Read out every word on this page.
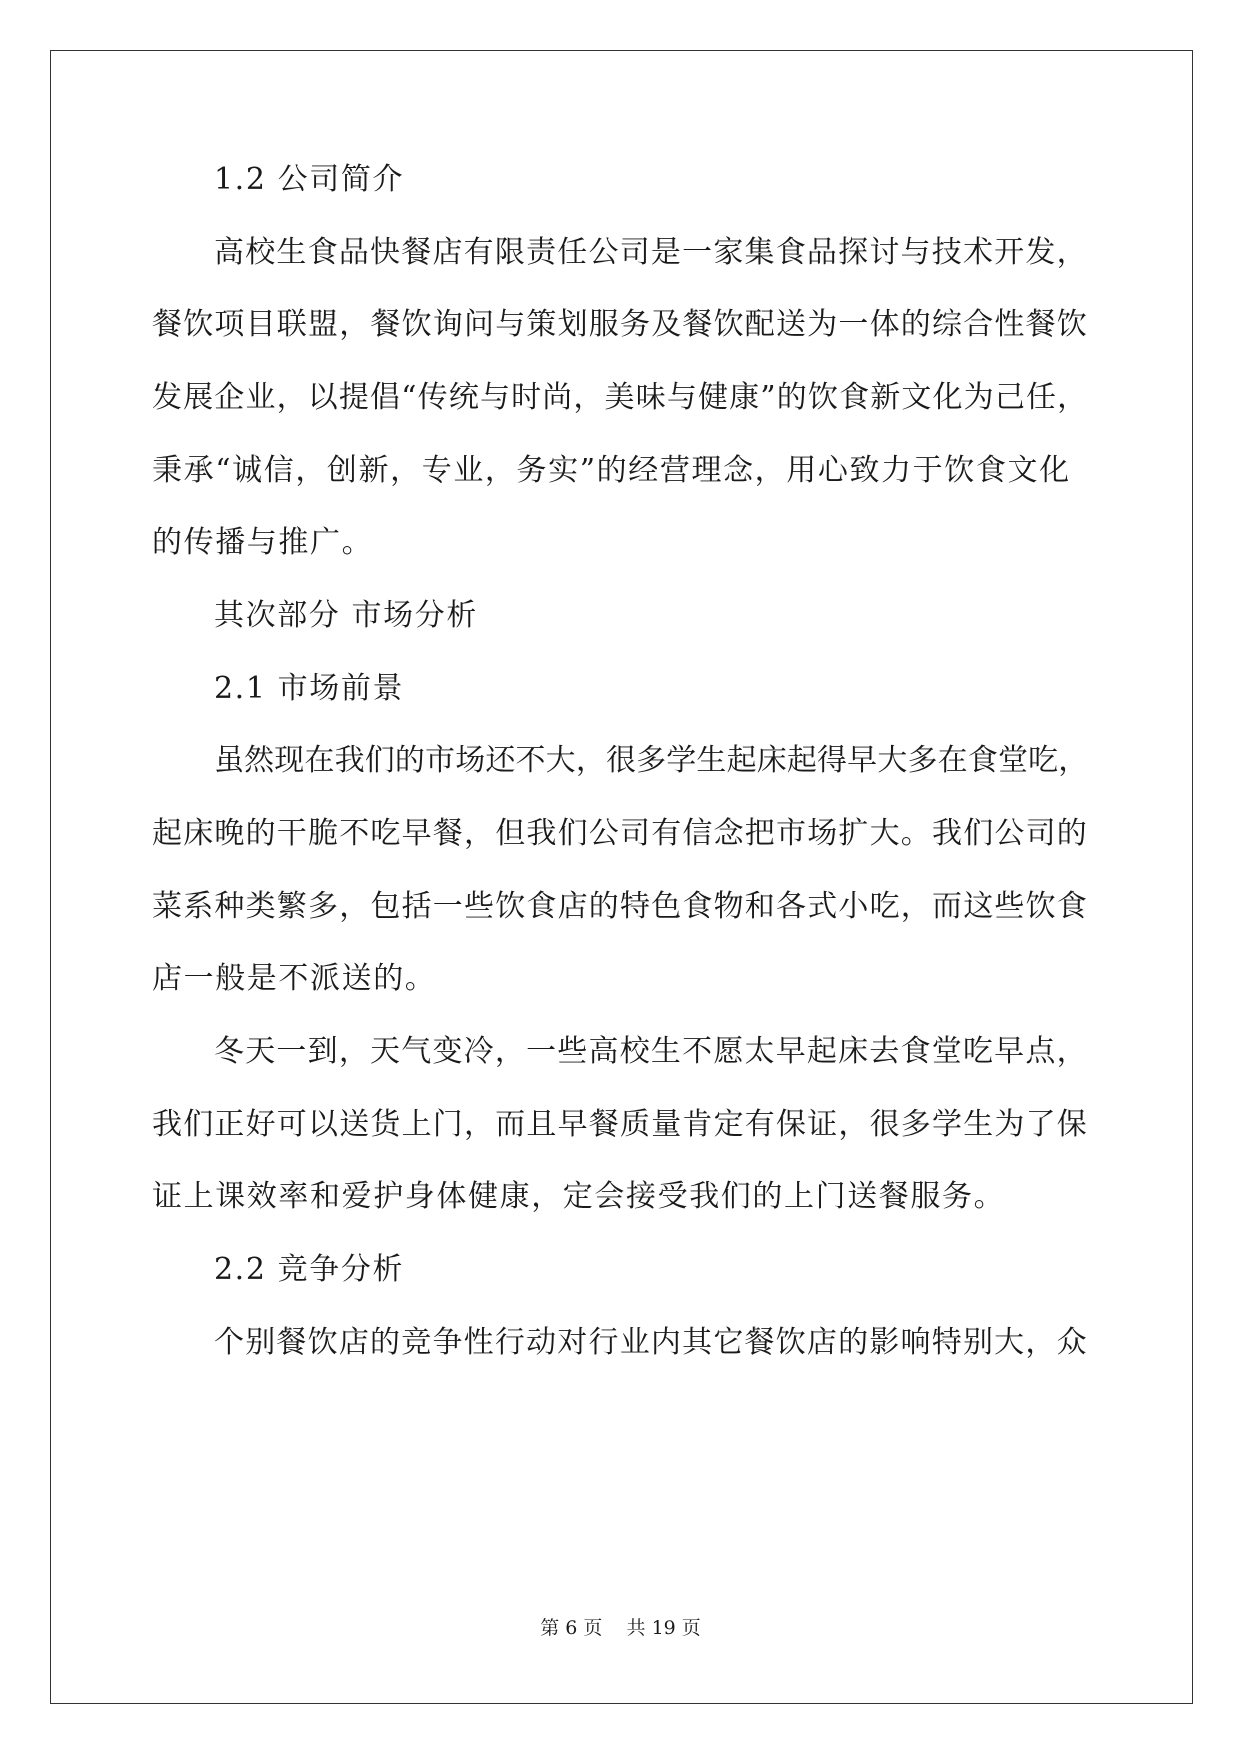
1.2 公司简介
高校生食品快餐店有限责任公司是一家集食品探讨与技术开发，
餐饮项目联盟，餐饮询问与策划服务及餐饮配送为一体的综合性餐饮
发展企业，以提倡“传统与时尚，美味与健康”的饮食新文化为己任，
秉承“诚信，创新，专业，务实”的经营理念，用心致力于饮食文化
的传播与推广。
其次部分 市场分析
2.1 市场前景
虽然现在我们的市场还不大，很多学生起床起得早大多在食堂吃，
起床晚的干脆不吃早餐，但我们公司有信念把市场扩大。我们公司的
菜系种类繁多，包括一些饮食店的特色食物和各式小吃，而这些饮食
店一般是不派送的。
冬天一到，天气变冷，一些高校生不愿太早起床去食堂吃早点，
我们正好可以送货上门，而且早餐质量肯定有保证，很多学生为了保
证上课效率和爱护身体健康，定会接受我们的上门送餐服务。
2.2 竞争分析
个别餐饮店的竞争性行动对行业内其它餐饮店的影响特别大，众
第 6 页    共 19 页
